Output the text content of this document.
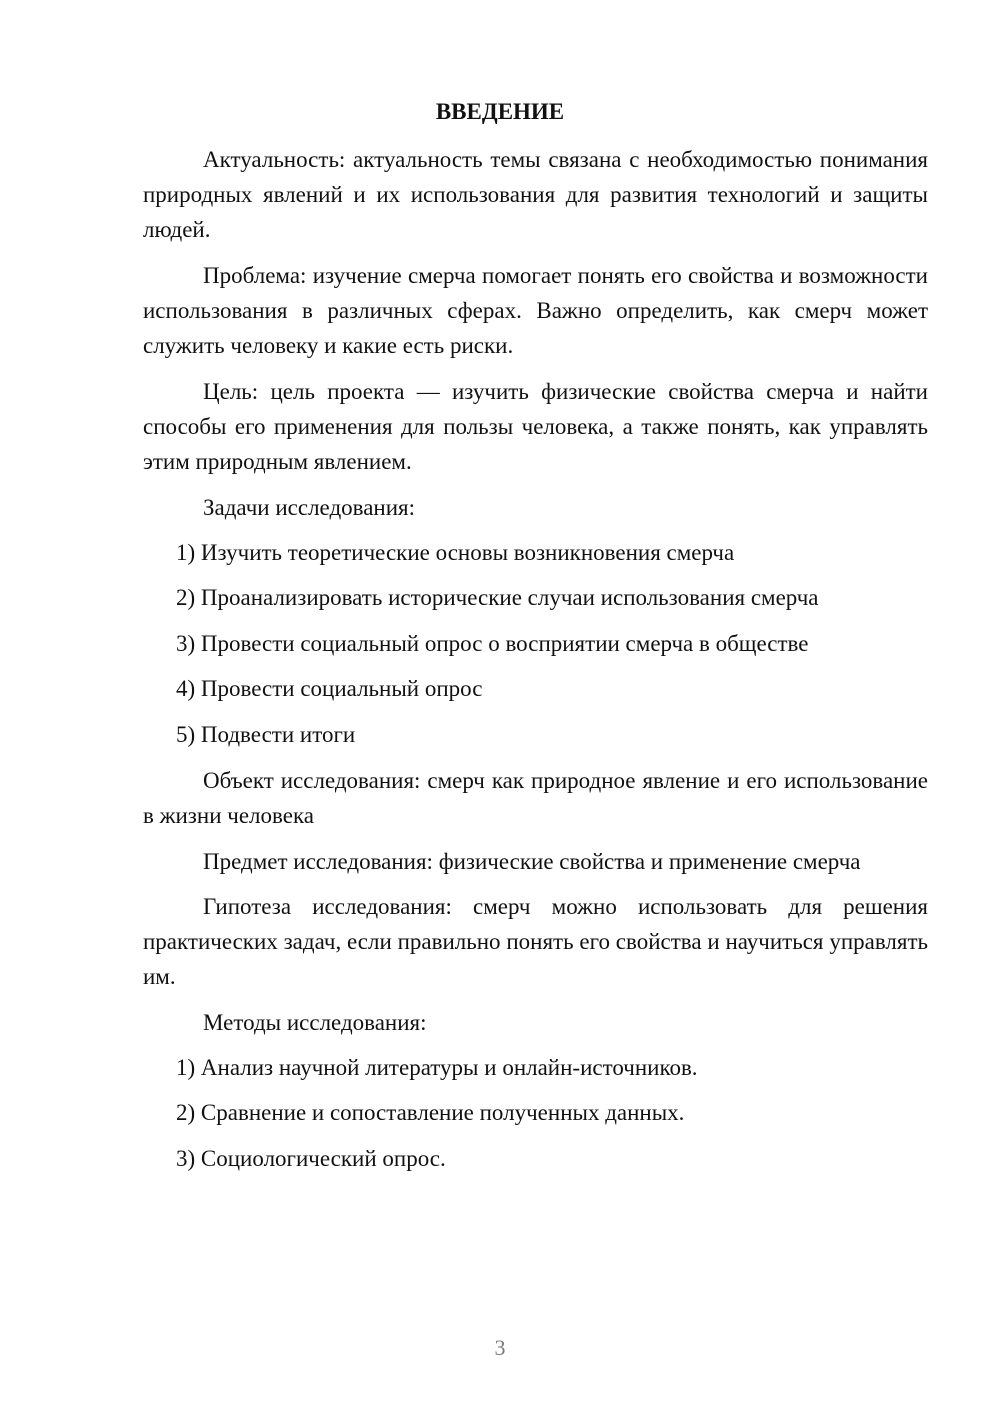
ВВЕДЕНИЕ

Актуальность: актуальность темы связана с необходимостью понимания природных явлений и их использования для развития технологий и защиты людей.

Проблема: изучение смерча помогает понять его свойства и возможности использования в различных сферах. Важно определить, как смерч может служить человеку и какие есть риски.

Цель: цель проекта — изучить физические свойства смерча и найти способы его применения для пользы человека, а также понять, как управлять этим природным явлением.

Задачи исследования:

1) Изучить теоретические основы возникновения смерча
2) Проанализировать исторические случаи использования смерча
3) Провести социальный опрос о восприятии смерча в обществе
4) Провести социальный опрос
5) Подвести итоги

Объект исследования: смерч как природное явление и его использование в жизни человека

Предмет исследования: физические свойства и применение смерча

Гипотеза исследования: смерч можно использовать для решения практических задач, если правильно понять его свойства и научиться управлять им.

Методы исследования:

1) Анализ научной литературы и онлайн-источников.
2) Сравнение и сопоставление полученных данных.
3) Социологический опрос.
3
